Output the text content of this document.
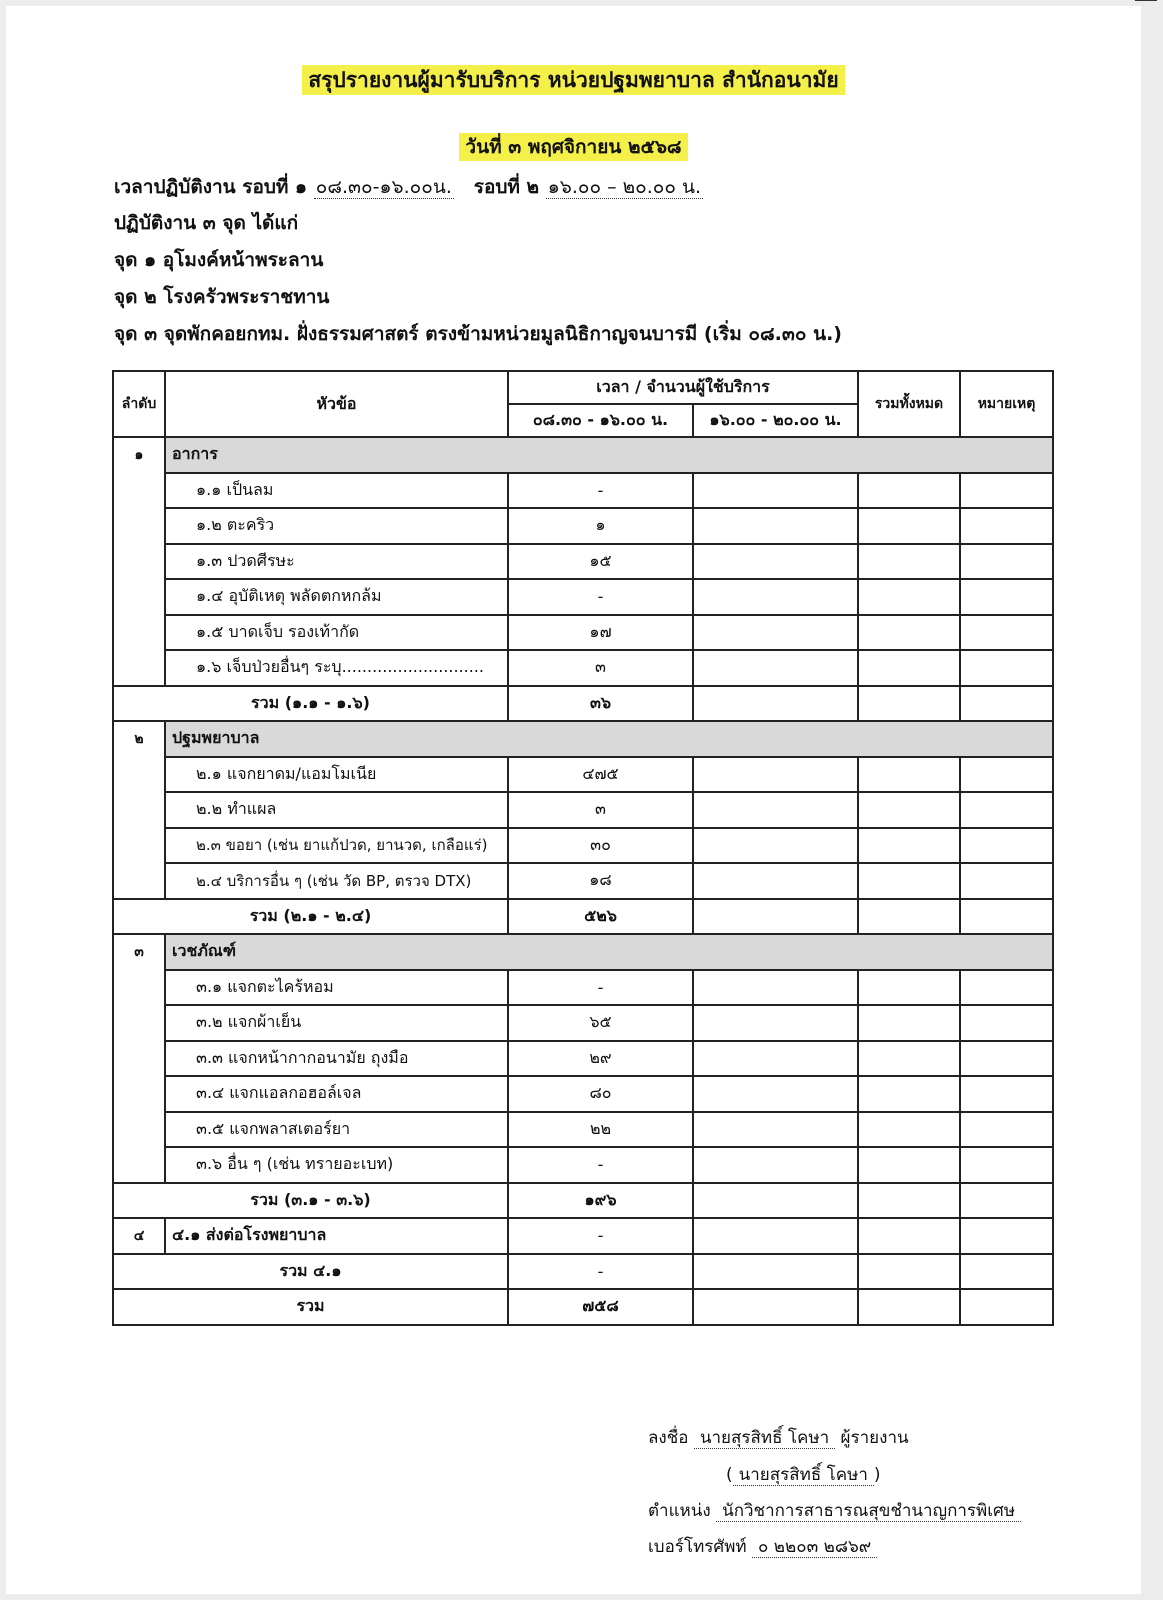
สรุปรายงานผู้มารับบริการ หน่วยปฐมพยาบาล สำนักอนามัย
วันที่ ๓ พฤศจิกายน ๒๕๖๘
เวลาปฏิบัติงาน รอบที่ ๑ ๐๘.๓๐-๑๖.๐๐น. รอบที่ ๒ ๑๖.๐๐ – ๒๐.๐๐ น.
ปฏิบัติงาน ๓ จุด ได้แก่
จุด ๑ อุโมงค์หน้าพระลาน
จุด ๒ โรงครัวพระราชทาน
จุด ๓ จุดพักคอยกทม. ฝั่งธรรมศาสตร์ ตรงข้ามหน่วยมูลนิธิกาญจนบารมี (เริ่ม ๐๘.๓๐ น.)
ลำดับ	หัวข้อ	เวลา / จำนวนผู้ใช้บริการ		รวมทั้งหมด	หมายเหตุ
		๐๘.๓๐ - ๑๖.๐๐ น.	๑๖.๐๐ - ๒๐.๐๐ น.		
๑	อาการ				
	๑.๑ เป็นลม	-			
	๑.๒ ตะคริว	๑			
	๑.๓ ปวดศีรษะ	๑๕			
	๑.๔ อุบัติเหตุ พลัดตกหกล้ม	-			
	๑.๕ บาดเจ็บ รองเท้ากัด	๑๗			
	๑.๖ เจ็บป่วยอื่นๆ ระบุ............................	๓			
รวม (๑.๑ - ๑.๖)		๓๖			
๒	ปฐมพยาบาล				
	๒.๑ แจกยาดม/แอมโมเนีย	๔๗๕			
	๒.๒ ทำแผล	๓			
	๒.๓ ขอยา (เช่น ยาแก้ปวด, ยานวด, เกลือแร่)	๓๐			
	๒.๔ บริการอื่น ๆ (เช่น วัด BP, ตรวจ DTX)	๑๘			
รวม (๒.๑ - ๒.๔)		๕๒๖			
๓	เวชภัณฑ์				
	๓.๑ แจกตะไคร้หอม	-			
	๓.๒ แจกผ้าเย็น	๖๕			
	๓.๓ แจกหน้ากากอนามัย ถุงมือ	๒๙			
	๓.๔ แจกแอลกอฮอล์เจล	๘๐			
	๓.๕ แจกพลาสเตอร์ยา	๒๒			
	๓.๖ อื่น ๆ (เช่น ทรายอะเบท)	-			
รวม (๓.๑ - ๓.๖)		๑๙๖			
๔	๔.๑ ส่งต่อโรงพยาบาล	-			
รวม ๔.๑		-			
รวม		๗๕๘			
ลงชื่อ นายสุรสิทธิ์ โคษา ผู้รายงาน
( นายสุรสิทธิ์ โคษา )
ตำแหน่ง นักวิชาการสาธารณสุขชำนาญการพิเศษ
เบอร์โทรศัพท์ ๐ ๒๒๐๓ ๒๘๖๙
